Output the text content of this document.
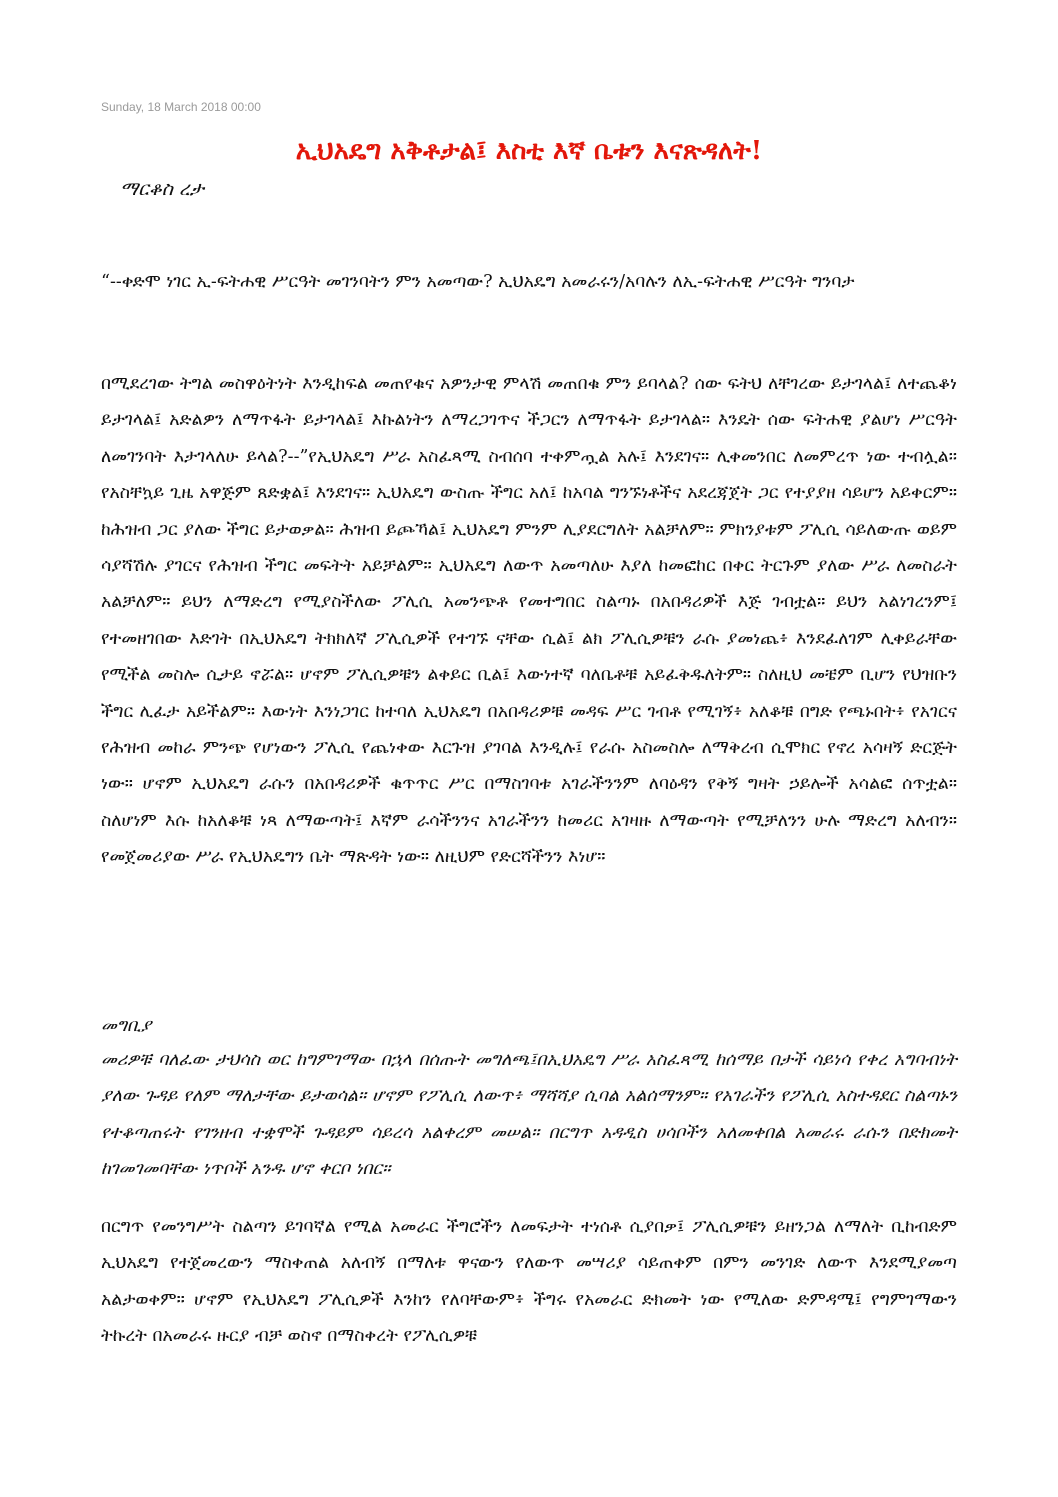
Sunday, 18 March 2018 00:00
ኢህአዴግ አቅቶታል፤ እስቲ እኛ ቤቱን እናጽዳለት!
ማርቆስ ረታ

“--ቀድሞ ነገር ኢ-ፍትሐዊ ሥርዓት መገንባትን ምን አመጣው? ኢህአዴግ አመራሩን/አባሉን ለኢ-ፍትሐዊ ሥርዓት ግንባታ

በሚደረገው ትግል መስዋዕትነት እንዲከፍል መጠየቁና አዎንታዊ ምላሽ መጠበቁ ምን ይባላል? ሰው ፍትህ ለቸገረው ይታገላል፤ ለተጨቆነ ይታገላል፤ አድልዎን ለማጥፋት ይታገላል፤ እኩልነትን ለማረጋገጥና ችጋርን ለማጥፋት ይታገላል። እንዴት ሰው ፍትሐዊ ያልሆነ ሥርዓት ለመገንባት እታገላለሁ ይላል?--”የኢህአዴግ ሥራ አስፈጻሚ ስብሰባ ተቀምጧል አሉ፤ እንደገና። ሊቀመንበር ለመምረጥ ነው ተብሏል፡፡ የአስቸኳይ ጊዜ አዋጅም ጸድቋል፤ እንደገና። ኢህአዴግ ውስጡ ችግር አለ፤ ከአባል ግንኙነቶችና አደረጃጀት ጋር የተያያዘ ሳይሆን አይቀርም። ከሕዝብ ጋር ያለው ችግር ይታወቃል። ሕዝብ ይጮኻል፤ ኢህአዴግ ምንም ሊያደርግለት አልቻለም። ምክንያቱም ፖሊሲ ሳይለውጡ ወይም ሳያሻሽሉ ያገርና የሕዝብ ችግር መፍትት አይቻልም። ኢህአዴግ ለውጥ አመጣለሁ እያለ ከመፎከር በቀር ትርጉም ያለው ሥራ ለመስራት አልቻለም። ይህን ለማድረግ የሚያስችለው ፖሊሲ አመንጭቶ የመተግበር ስልጣኑ በአበዳሪዎች እጅ ገብቷል። ይህን አልነገረንም፤ የተመዘገበው እድገት በኢህአዴግ ትክክለኛ ፖሊሲዎች የተገኙ ናቸው ሲል፤ ልክ ፖሊሲዎቹን ራሱ ያመነጨ፥ እንደፈለገም ሊቀይራቸው የሚችል መስሎ ሲታይ ኖሯል። ሆኖም ፖሊሲዎቹን ልቀይር ቢል፤ እውነተኛ ባለቤቶቹ አይፈቅዱለትም። ስለዚህ መቼም ቢሆን የህዝቡን ችግር ሊፈታ አይችልም። እውነት እንነጋገር ከተባለ ኢህአዴግ በአበዳሪዎቹ መዳፍ ሥር ገብቶ የሚገኝ፥ አለቆቹ በግድ የጫኑበት፥ የአገርና የሕዝብ መከራ ምንጭ የሆነውን ፖሊሲ የጨነቀው እርጉዝ ያገባል እንዲሉ፤ የራሱ አስመስሎ ለማቅረብ ሲሞክር የኖረ አሳዛኝ ድርጅት ነው። ሆኖም ኢህአዴግ ራሱን በአበዳሪዎች ቁጥጥር ሥር በማስገባቱ አገራችንንም ለባዕዳን የቅኝ ግዛት ኃይሎች አሳልፎ ሰጥቷል። ስለሆነም እሱ ከአለቆቹ ነጻ ለማውጣት፤ እኛም ራሳችንንና አገራችንን ከመሪር አገዛዙ ለማውጣት የሚቻለንን ሁሉ ማድረግ አለብን። የመጀመሪያው ሥራ የኢህአዴግን ቤት ማጽዳት ነው። ለዚህም የድርሻችንን እነሆ።

መግቢያ

መሪዎቹ ባለፈው ታህሳስ ወር ከግምገማው በኋላ በሰጡት መግለጫ፤በኢህአዴግ ሥራ አስፈጻሚ ከሰማይ በታች ሳይነሳ የቀረ አግባብነት ያለው ጉዳይ የለም ማለታቸው ይታወሳል። ሆኖም የፖሊሲ ለውጥ፥ ማሻሻያ ሲባል አልሰማንም። የአገራችን የፖሊሲ አስተዳደር ስልጣኑን የተቆጣጠሩት የገንዘብ ተቋሞች ጉዳይም ሳይረሳ አልቀረም መሠል። በርግጥ አዳዲስ ሀሳቦችን አለመቀበል አመራሩ ራሱን በድክመት ከገመገመባቸው ነጥቦች አንዱ ሆኖ ቀርቦ ነበር።

በርግጥ የመንግሥት ስልጣን ይገባኛል የሚል አመራር ችግሮችን ለመፍታት ተነሰቶ ሲያበቃ፤ ፖሊሲዎቹን ይዘንጋል ለማለት ቢከብድም ኢህአዴግ የተጀመረውን ማስቀጠል አለብኝ በማለቱ ዋናውን የለውጥ መሣሪያ ሳይጠቀም በምን መንገድ ለውጥ እንደሚያመጣ አልታወቀም። ሆኖም የኢህአዴግ ፖሊሲዎች እንከን የለባቸውም፥ ችግሩ የአመራር ድክመት ነው የሚለው ድምዳሜ፤ የግምገማውን ትኩረት በአመራሩ ዙርያ ብቻ ወስኖ በማስቀረት የፖሊሲዎቹ
